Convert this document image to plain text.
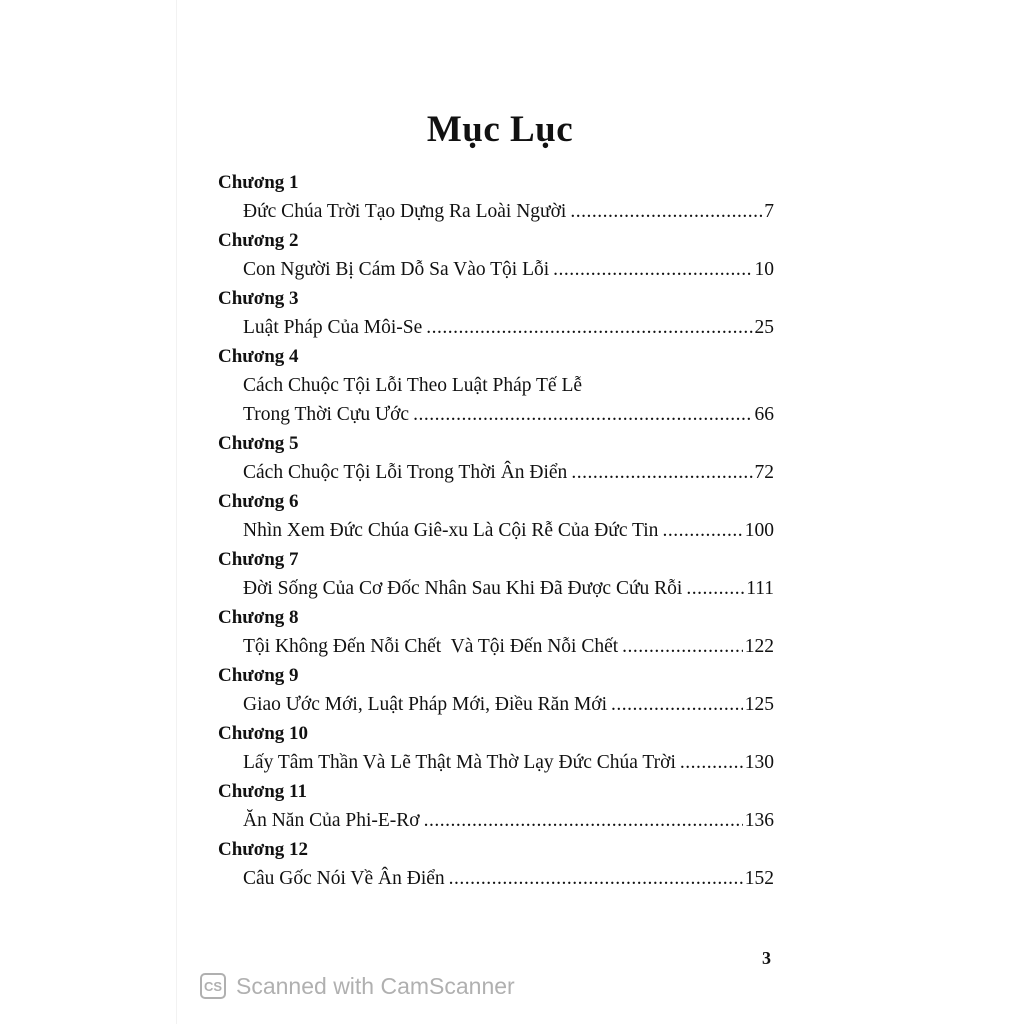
Mục Lục
Chương 1
Đức Chúa Trời Tạo Dựng Ra Loài Người .....	7
Chương 2
Con Người Bị Cám Dỗ Sa Vào Tội Lỗi .....	10
Chương 3
Luật Pháp Của Môi-Se .....	25
Chương 4
Cách Chuộc Tội Lỗi Theo Luật Pháp Tế Lễ
Trong Thời Cựu Ước .....	66
Chương 5
Cách Chuộc Tội Lỗi Trong Thời Ân Điển .....	72
Chương 6
Nhìn Xem Đức Chúa Giê-xu Là Cội Rễ Của Đức Tin .....	100
Chương 7
Đời Sống Của Cơ Đốc Nhân Sau Khi Đã Được Cứu Rỗi .....	111
Chương 8
Tội Không Đến Nỗi Chết  Và Tội Đến Nỗi Chết .....	122
Chương 9
Giao Ước Mới, Luật Pháp Mới, Điều Răn Mới .....	125
Chương 10
Lấy Tâm Thần Và Lẽ Thật Mà Thờ Lạy Đức Chúa Trời .....	130
Chương 11
Ăn Năn Của Phi-E-Rơ .....	136
Chương 12
Câu Gốc Nói Về Ân Điển .....	152
3
CS Scanned with CamScanner
